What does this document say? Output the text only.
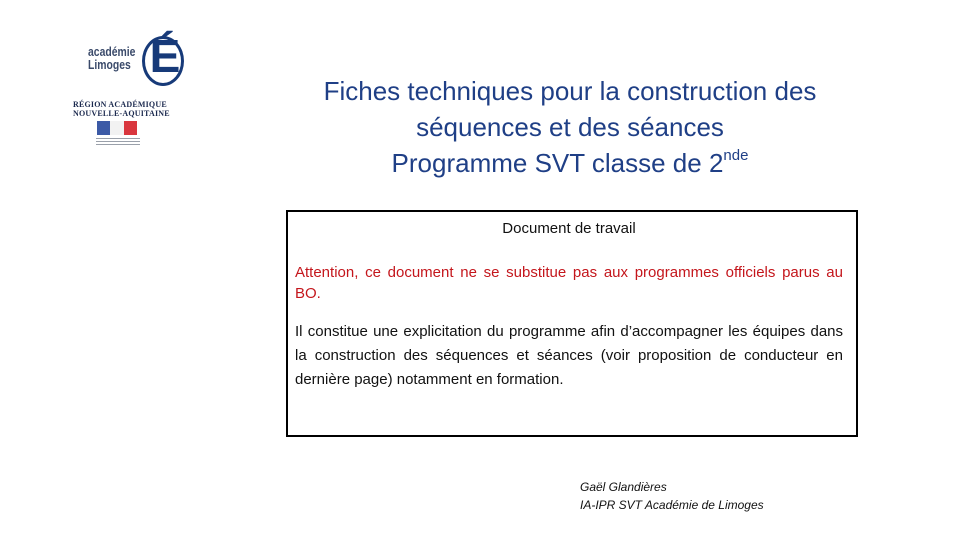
académie
Limoges É
RÉGION ACADÉMIQUE
NOUVELLE-AQUITAINE
Fiches techniques pour la construction des
séquences et des séances
Programme SVT classe de 2nde
Document de travail
Attention, ce document ne se substitue pas aux programmes officiels parus au BO.
Il constitue une explicitation du programme afin d’accompagner les équipes dans la construction des séquences et séances (voir proposition de conducteur en dernière page) notamment en formation.
Gaël Glandières
IA-IPR SVT Académie de Limoges
